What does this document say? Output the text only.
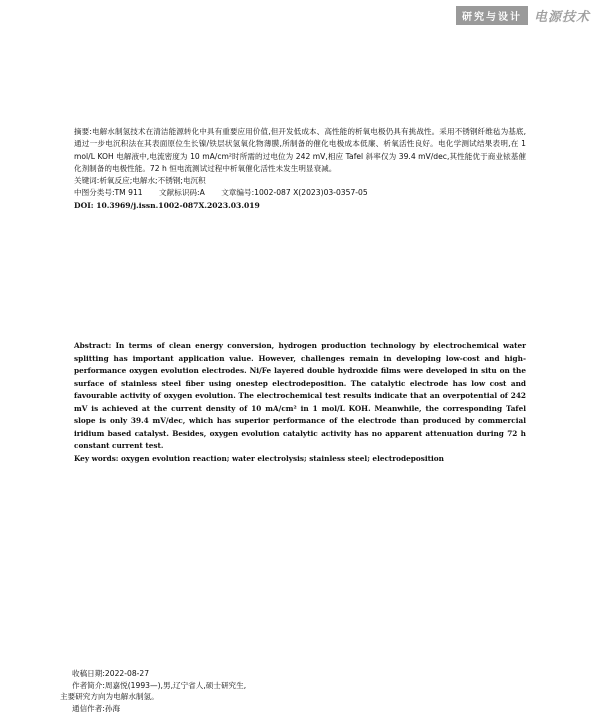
研究与设计 电源技术

摘要:电解水制氢技术在清洁能源转化中具有重要应用价值,但开发低成本、高性能的析氧电极仍具有挑战性。采用不锈钢纤维毡为基底,通过一步电沉积法在其表面原位生长镍/铁层状氢氧化物薄膜,所制备的催化电极成本低廉、析氧活性良好。电化学测试结果表明,在 1 mol/L KOH 电解液中,电流密度为 10 mA/cm²时所需的过电位为 242 mV,相应 Tafel 斜率仅为 39.4 mV/dec,其性能优于商业铱基催化剂制备的电极性能。72 h 恒电流测试过程中析氧催化活性未发生明显衰减。

关键词:析氧反应;电解水;不锈钢;电沉积

中图分类号:TM 911 文献标识码:A 文章编号:1002-087 X(2023)03-0357-05

DOI: 10.3969/j.issn.1002-087X.2023.03.019

Abstract: In terms of clean energy conversion, hydrogen production technology by electrochemical water splitting has important application value. However, challenges remain in developing low-cost and high-performance oxygen evolution electrodes. Ni/Fe layered double hydroxide films were developed in situ on the surface of stainless steel fiber using onestep electrodeposition. The catalytic electrode has low cost and favourable activity of oxygen evolution. The electrochemical test results indicate that an overpotential of 242 mV is achieved at the current density of 10 mA/cm² in 1 mol/L KOH. Meanwhile, the corresponding Tafel slope is only 39.4 mV/dec, which has superior performance of the electrode than produced by commercial iridium based catalyst. Besides, oxygen evolution catalytic activity has no apparent attenuation during 72 h constant current test.

Key words: oxygen evolution reaction; water electrolysis; stainless steel; electrodeposition

收稿日期:2022-08-27

作者简介:周嘉悦(1993—),男,辽宁省人,硕士研究生,

主要研究方向为电解水制氢。

通信作者:孙海
